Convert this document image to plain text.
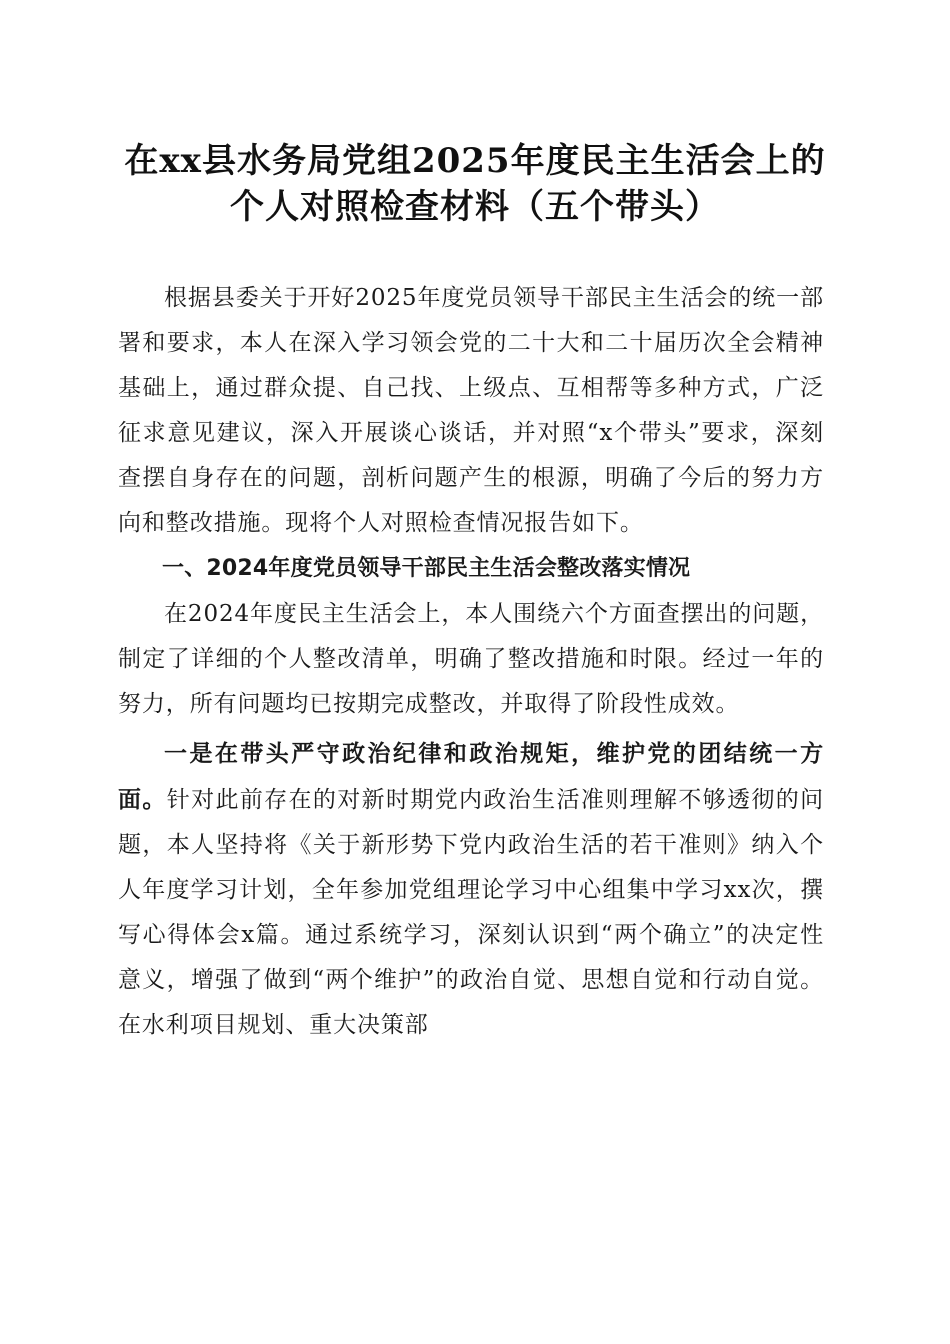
在xx县水务局党组2025年度民主生活会上的
个人对照检查材料（五个带头）

根据县委关于开好2025年度党员领导干部民主生活会的统一部署和要求，本人在深入学习领会党的二十大和二十届历次全会精神基础上，通过群众提、自己找、上级点、互相帮等多种方式，广泛征求意见建议，深入开展谈心谈话，并对照“x个带头”要求，深刻查摆自身存在的问题，剖析问题产生的根源，明确了今后的努力方向和整改措施。现将个人对照检查情况报告如下。

一、2024年度党员领导干部民主生活会整改落实情况

在2024年度民主生活会上，本人围绕六个方面查摆出的问题，制定了详细的个人整改清单，明确了整改措施和时限。经过一年的努力，所有问题均已按期完成整改，并取得了阶段性成效。

一是在带头严守政治纪律和政治规矩，维护党的团结统一方面。针对此前存在的对新时期党内政治生活准则理解不够透彻的问题，本人坚持将《关于新形势下党内政治生活的若干准则》纳入个人年度学习计划，全年参加党组理论学习中心组集中学习xx次，撰写心得体会x篇。通过系统学习，深刻认识到“两个确立”的决定性意义，增强了做到“两个维护”的政治自觉、思想自觉和行动自觉。在水利项目规划、重大决策部
